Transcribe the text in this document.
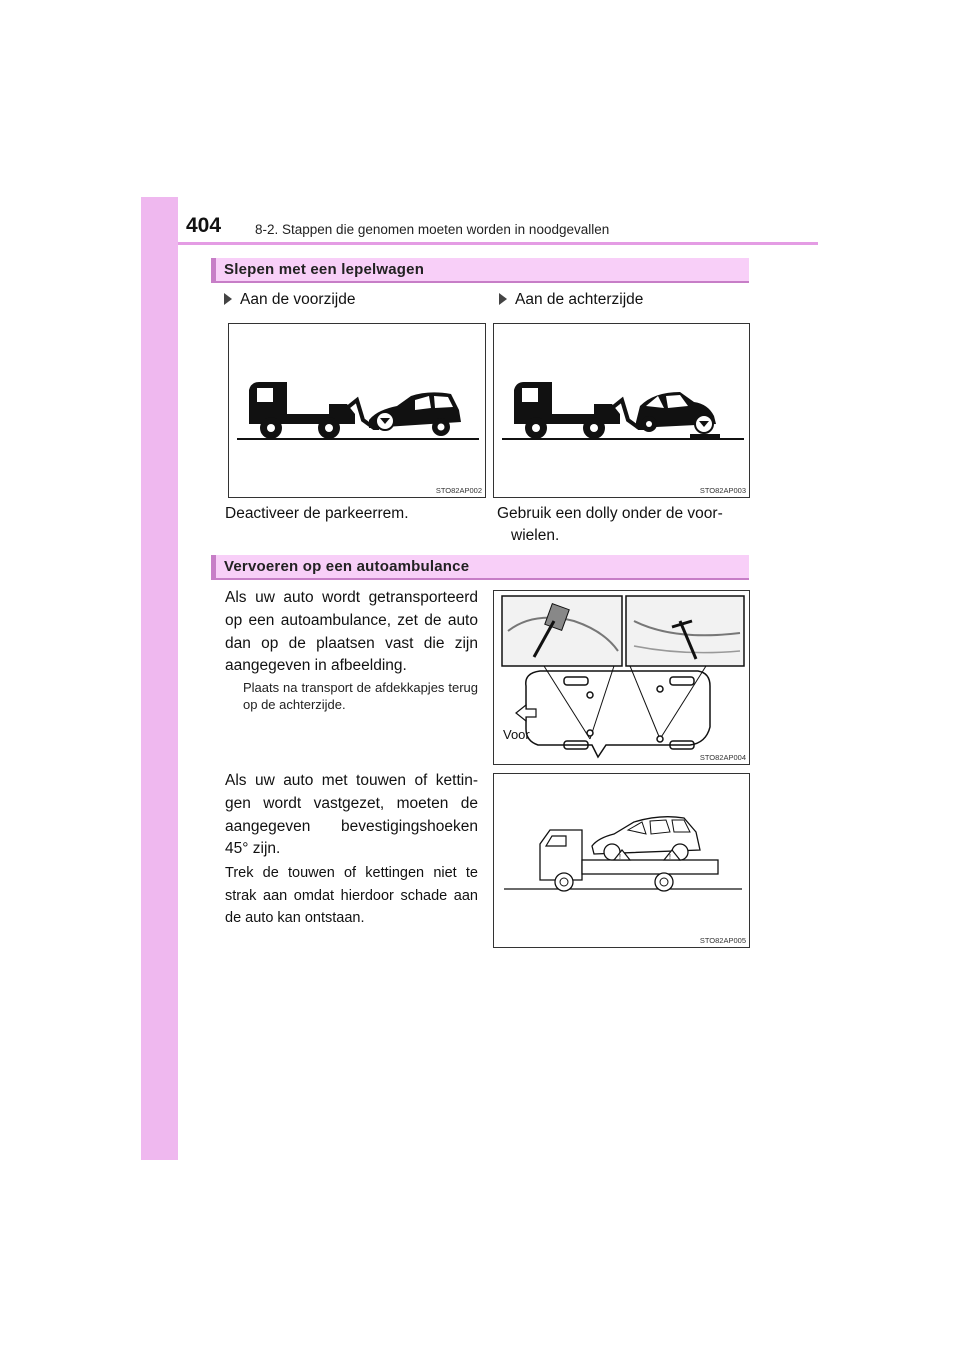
404	8-2. Stappen die genomen moeten worden in noodgevallen
Slepen met een lepelwagen
Aan de voorzijde	Aan de achterzijde
STO82AP002	STO82AP003
Deactiveer de parkeerrem.	Gebruik een dolly onder de voor-
wielen.
Vervoeren op een autoambulance
Als uw auto wordt getransporteerd op een autoambulance, zet de auto dan op de plaatsen vast die zijn aangegeven in afbeelding.
Plaats na transport de afdekkapjes terug op de achterzijde.
Voor
STO82AP004
Als uw auto met touwen of kettin-gen wordt vastgezet, moeten de aangegeven bevestigingshoeken 45° zijn.
Trek de touwen of kettingen niet te strak aan omdat hierdoor schade aan de auto kan ontstaan.
!	!
STO82AP005
